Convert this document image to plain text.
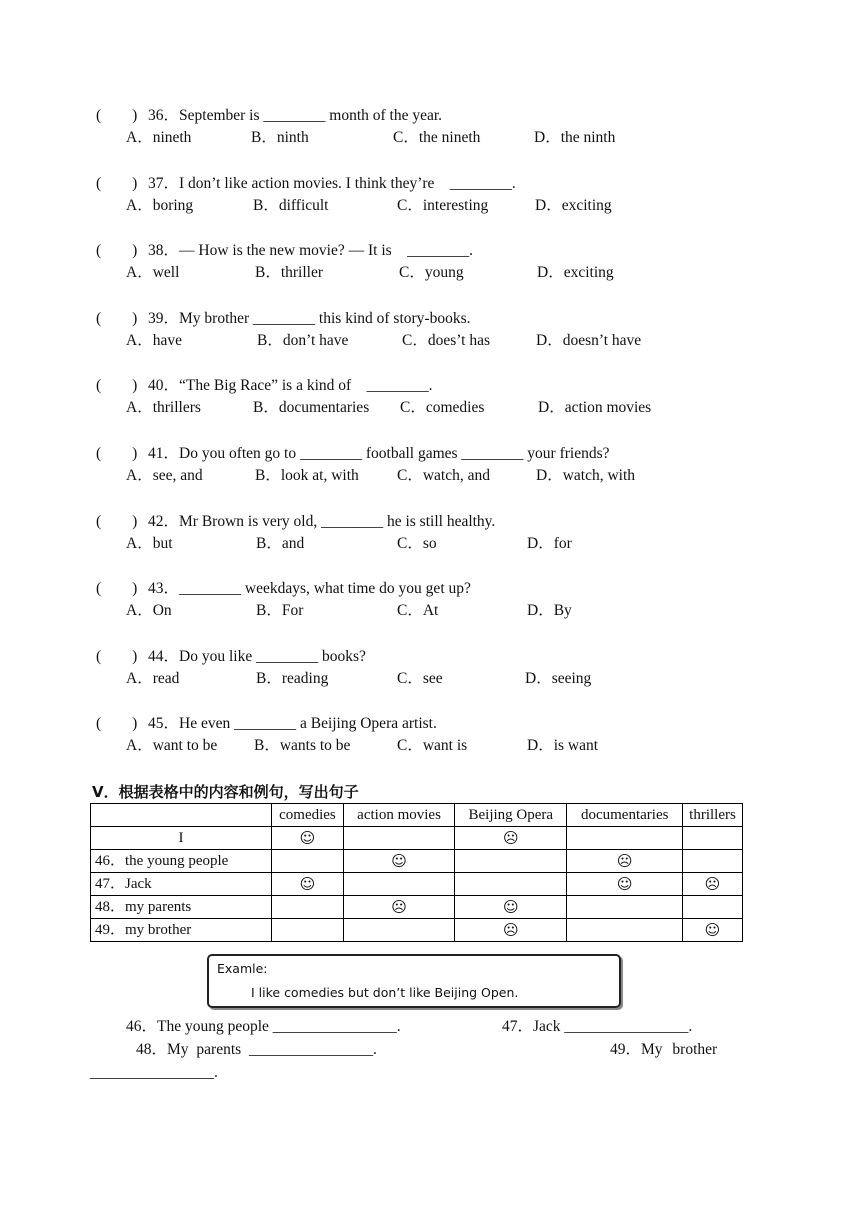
(　　) 36．September is ________ month of the year.
A．nineth	B．ninth	C．the nineth	D．the ninth
(　　) 37．I don’t like action movies. I think they’re　________.
A．boring	B．difficult	C．interesting	D．exciting
(　　) 38．— How is the new movie? — It is　________.
A．well	B．thriller	C．young	D．exciting
(　　) 39．My brother ________ this kind of story-books.
A．have	B．don’t have	C．does’t has	D．doesn’t have
(　　) 40．“The Big Race” is a kind of　________.
A．thrillers	B．documentaries C．comedies	D．action movies
(　　) 41．Do you often go to ________ football games ________ your friends?
A．see, and	B．look at, with C．watch, and	D．watch, with
(　　) 42．Mr Brown is very old, ________ he is still healthy.
A．but	B．and	C．so	D．for
(　　) 43．________ weekdays, what time do you get up?
A．On	B．For	C．At	D．By
(　　) 44．Do you like ________ books?
A．read	B．reading	C．see	D．seeing
(　　) 45．He even ________ a Beijing Opera artist.
A．want to be B．wants to be	C．want is	D．is want
Ⅴ．根据表格中的内容和例句，写出句子
	comedies	action movies	Beijing Opera	documentaries	thrillers
I	☺		☹		
46．the young people		☺		☹	
47．Jack	☺			☺	☹
48．my parents		☹	☺		
49．my brother			☹		☺
Examle:
I like comedies but don’t like Beijing Open.
46．The young people ________________.	47．Jack ________________.
48．My parents ________________.	49．My brother
________________.
